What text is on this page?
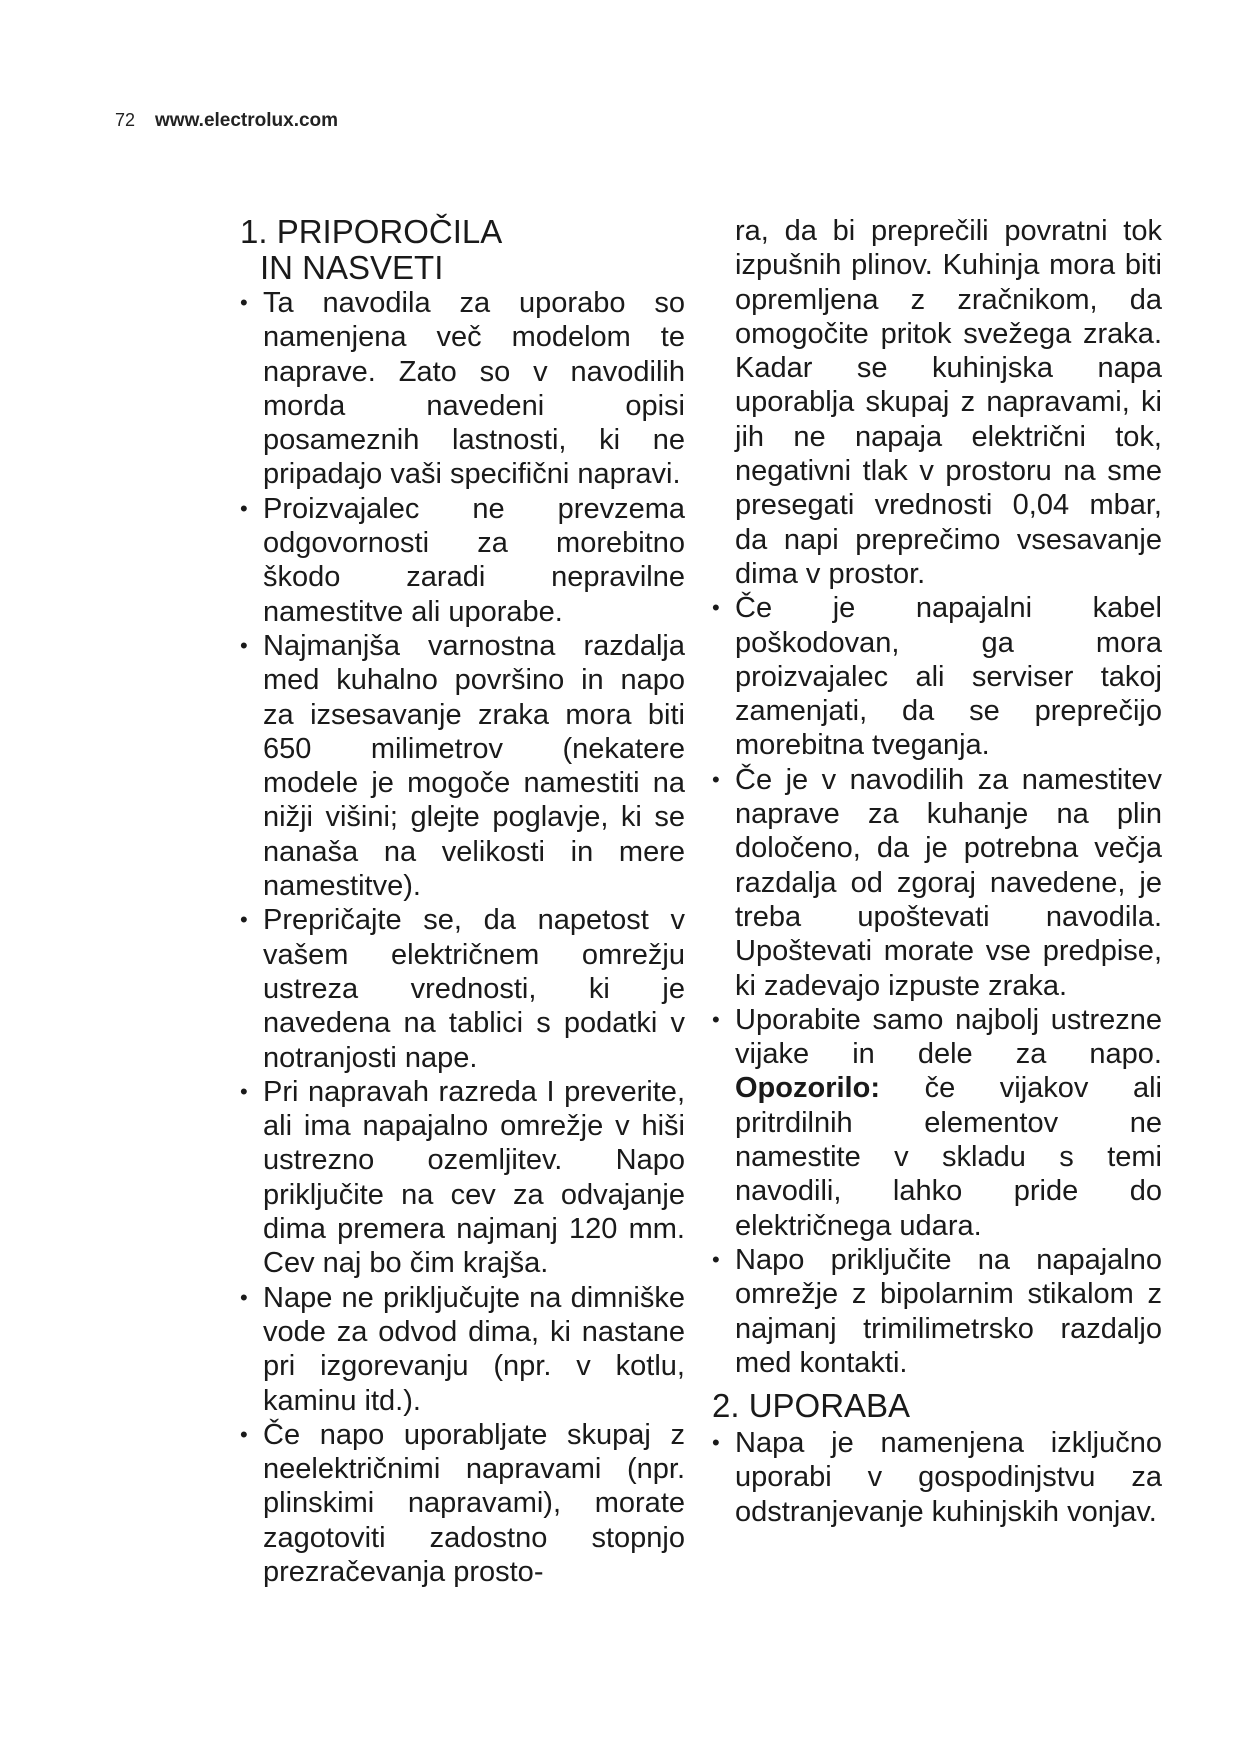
72 www.electrolux.com
1. PRIPOROČILA
IN NASVETI
• Ta navodila za uporabo so namenjena več modelom te naprave. Zato so v navodilih morda navedeni opisi posameznih lastnosti, ki ne pripadajo vaši specifični napravi.
• Proizvajalec ne prevzema odgovornosti za morebitno škodo zaradi nepravilne namestitve ali uporabe.
• Najmanjša varnostna razdalja med kuhalno površino in napo za izsesavanje zraka mora biti 650 milimetrov (nekatere modele je mogoče namestiti na nižji višini; glejte poglavje, ki se nanaša na velikosti in mere namestitve).
• Prepričajte se, da napetost v vašem električnem omrežju ustreza vrednosti, ki je navedena na tablici s podatki v notranjosti nape.
• Pri napravah razreda I preverite, ali ima napajalno omrežje v hiši ustrezno ozemljitev. Napo priključite na cev za odvajanje dima premera najmanj 120 mm. Cev naj bo čim krajša.
• Nape ne priključujte na dimniške vode za odvod dima, ki nastane pri izgorevanju (npr. v kotlu, kaminu itd.).
• Če napo uporabljate skupaj z neelektričnimi napravami (npr. plinskimi napravami), morate zagotoviti zadostno stopnjo prezračevanja prosto-
ra, da bi preprečili povratni tok izpušnih plinov. Kuhinja mora biti opremljena z zračnikom, da omogočite pritok svežega zraka. Kadar se kuhinjska napa uporablja skupaj z napravami, ki jih ne napaja električni tok, negativni tlak v prostoru na sme presegati vrednosti 0,04 mbar, da napi preprečimo vsesavanje dima v prostor.
• Če je napajalni kabel poškodovan, ga mora proizvajalec ali serviser takoj zamenjati, da se preprečijo morebitna tveganja.
• Če je v navodilih za namestitev naprave za kuhanje na plin določeno, da je potrebna večja razdalja od zgoraj navedene, je treba upoštevati navodila. Upoštevati morate vse predpise, ki zadevajo izpuste zraka.
• Uporabite samo najbolj ustrezne vijake in dele za napo. Opozorilo: če vijakov ali pritrdilnih elementov ne namestite v skladu s temi navodili, lahko pride do električnega udara.
• Napo priključite na napajalno omrežje z bipolarnim stikalom z najmanj trimilimetrsko razdaljo med kontakti.
2. UPORABA
• Napa je namenjena izključno uporabi v gospodinjstvu za odstranjevanje kuhinjskih vonjav.
